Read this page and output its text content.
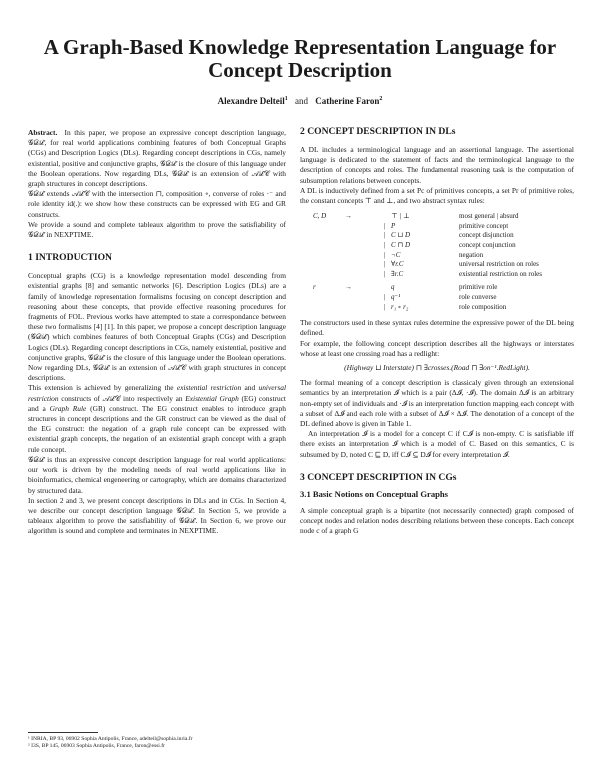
A Graph-Based Knowledge Representation Language for Concept Description
Alexandre Delteil$^1$ and Catherine Faron$^2$

Abstract. In this paper, we propose an expressive concept description language, 𝒢𝒟ℒ, for real world applications combining features of both Conceptual Graphs (CGs) and Description Logics (DLs). Regarding concept descriptions in CGs, namely existential, positive and conjunctive graphs, 𝒢𝒟ℒ is the closure of this language under the Boolean operations. Now regarding DLs, 𝒢𝒟ℒ is an extension of 𝒜ℒ𝒞 with graph structures in concept descriptions.

𝒢𝒟ℒ extends 𝒜ℒ𝒞 with the intersection ⊓, composition ∘, converse of roles ·⁻ and role identity id(.): we show how these constructs can be expressed with EG and GR constructs.

We provide a sound and complete tableaux algorithm to prove the satisfiability of 𝒢𝒟ℒ in NEXPTIME.

1 INTRODUCTION

Conceptual graphs (CG) is a knowledge representation model descending from existential graphs [8] and semantic networks [6]. Description Logics (DLs) are a family of knowledge representation formalisms focusing on concept description and reasoning about these concepts, that provide effective reasoning procedures for fragments of FOL. Previous works have attempted to state a correspondance between these two formalisms [4] [1]. In this paper, we propose a concept description language (𝒢𝒟ℒ) which combines features of both Conceptual Graphs (CGs) and Description Logics (DLs). Regarding concept descriptions in CGs, namely existential, positive and conjunctive graphs, 𝒢𝒟ℒ is the closure of this language under the Boolean operations. Now regarding DLs, 𝒢𝒟ℒ is an extension of 𝒜ℒ𝒞 with graph structures in concept descriptions.

This extension is achieved by generalizing the existential restriction and universal restriction constructs of 𝒜ℒ𝒞 into respectively an Existential Graph (EG) construct and a Graph Rule (GR) construct. The EG construct enables to introduce graph structures in concept descriptions and the GR construct can be viewed as the dual of the EG construct: the negation of a graph rule concept can be expressed with existential graph concepts, the negation of an existential graph concept with a graph rule concept.

𝒢𝒟ℒ is thus an expressive concept description language for real world applications: our work is driven by the modeling needs of real world applications like in bioinformatics, chemical engeneering or cartography, which are domains characterized by structured data.

In section 2 and 3, we present concept descriptions in DLs and in CGs. In Section 4, we describe our concept description language 𝒢𝒟ℒ. In Section 5, we provide a tableaux algorithm to prove the satisfiability of 𝒢𝒟ℒ. In Section 6, we prove our algorithm is sound and complete and terminates in NEXPTIME.

¹ INRIA, BP 93, 06902 Sophia Antipolis, France, adelteil@sophia.inria.fr
² I3S, BP 145, 06903 Sophia Antipolis, France, faron@essi.fr
2 CONCEPT DESCRIPTION IN DLs

A DL includes a terminological language and an assertional language. The assertional language is dedicated to the statement of facts and the terminological language to the description of concepts and roles. The fundamental reasoning task is the computation of subsumption relations between concepts.

A DL is inductively defined from a set Pc of primitives concepts, a set Pr of primitive roles, the constant concepts ⊤ and ⊥, and two abstract syntax rules:

C, D	→		⊤ | ⊥	most general | absurd
		|	P	primitive concept
		|	C ⊔ D	concept disjunction
		|	C ⊓ D	concept conjunction
		|	¬C	negation
		|	∀r.C	universal restriction on roles
		|	∃r.C	existential restriction on roles
r	→		q	primitive role
		|	q⁻¹	role converse
		|	r₁ ∘ r₂	role composition

The constructors used in these syntax rules determine the expressive power of the DL being defined.

For example, the following concept description describes all the highways or interstates whose at least one crossing road has a redlight:

(Highway ⊔ Interstate) ⊓ ∃crosses.(Road ⊓ ∃on⁻¹.RedLight).

The formal meaning of a concept description is classicaly given through an extensional semantics by an interpretation 𝓘 which is a pair (Δ𝓘, ·𝓘). The domain Δ𝓘 is an arbitrary non-empty set of individuals and ·𝓘 is an interpretation function mapping each concept with a subset of Δ𝓘 and each role with a subset of Δ𝓘 × Δ𝓘. The denotation of a concept of the DL defined above is given in Table 1.

An interpretation 𝓘 is a model for a concept C if C𝓘 is non-empty. C is satisfiable iff there exists an interpretation 𝓘 which is a model of C. Based on this semantics, C is subsumed by D, noted C ⊑ D, iff C𝓘 ⊆ D𝓘 for every interpretation 𝓘.

3 CONCEPT DESCRIPTION IN CGs
3.1 Basic Notions on Conceptual Graphs

A simple conceptual graph is a bipartite (not necessarily connected) graph composed of concept nodes and relation nodes describing relations between these concepts. Each concept node c of a graph G
